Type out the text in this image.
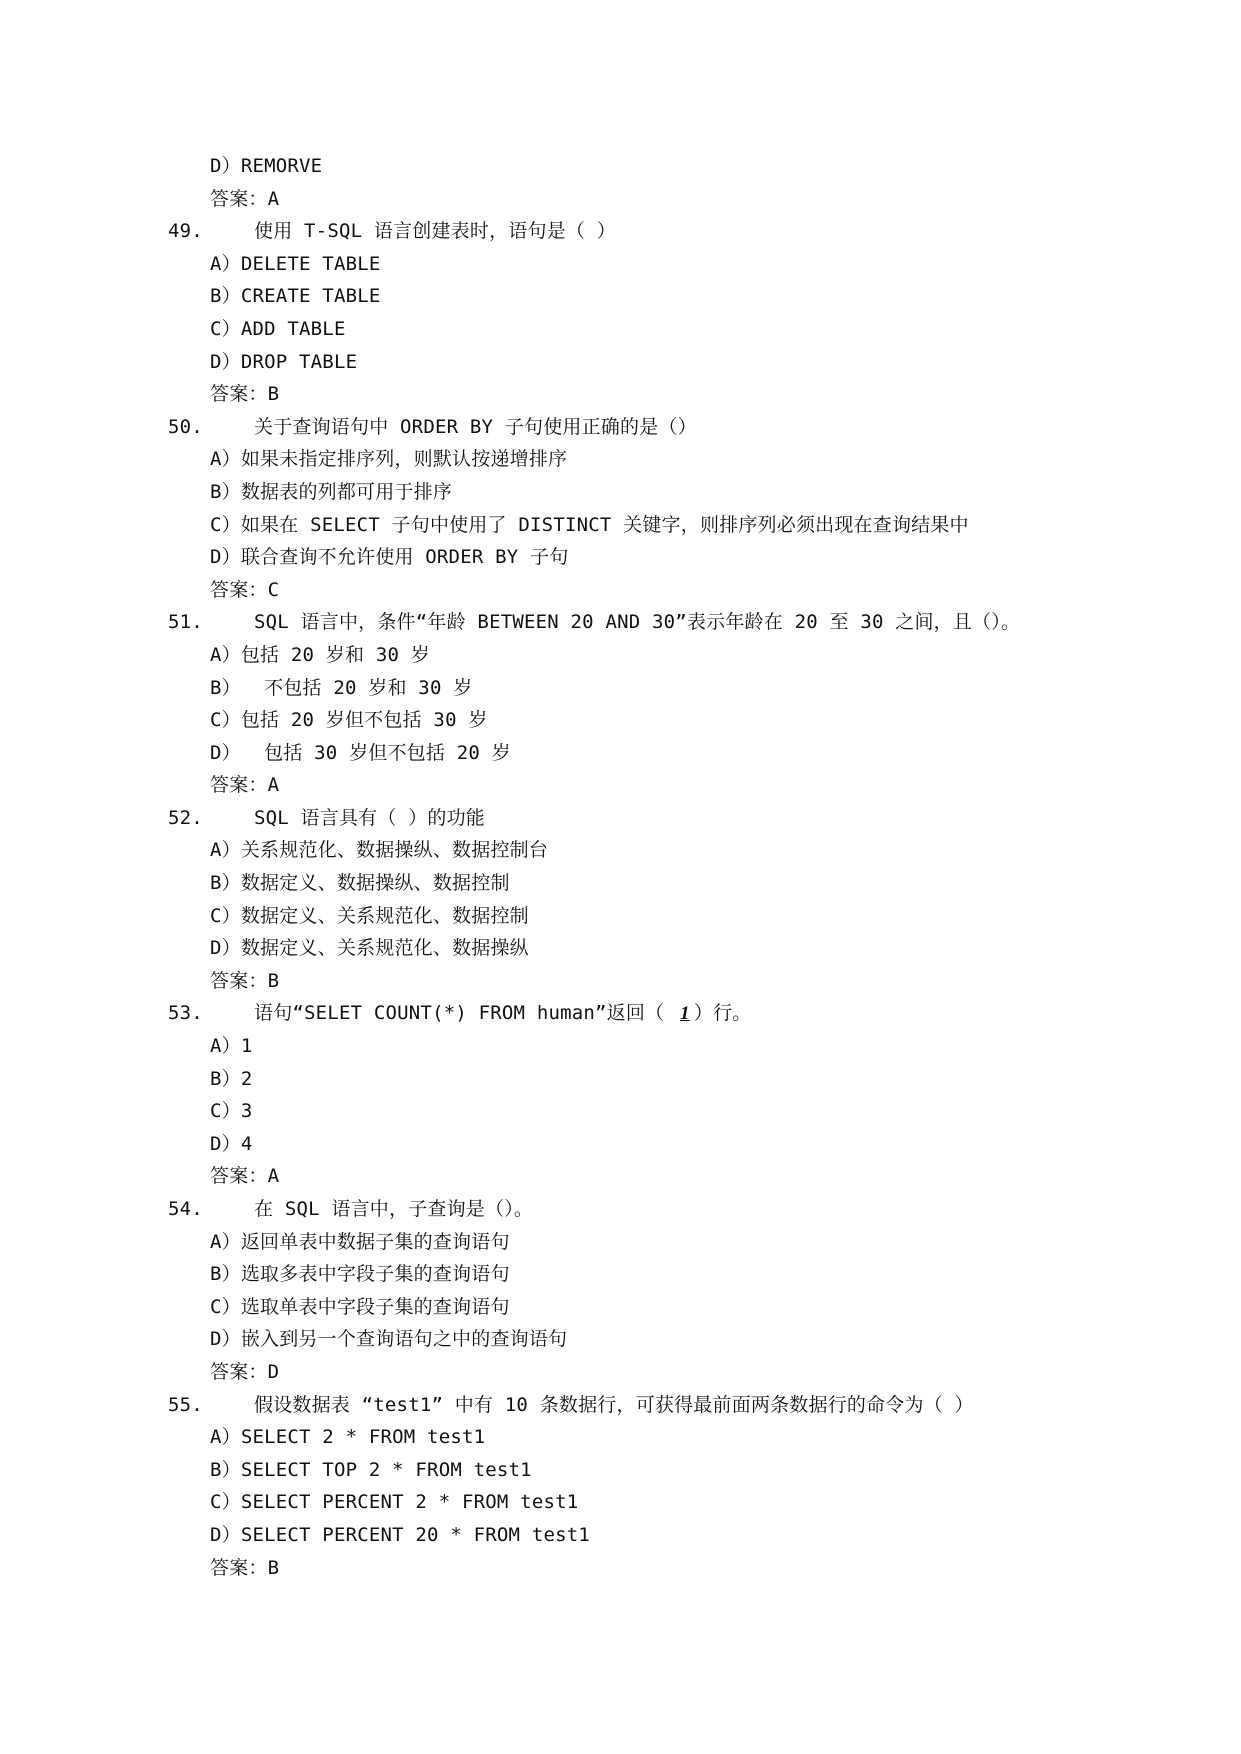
D）REMORVE
答案：A
49.	使用 T-SQL 语言创建表时，语句是（ ）
A）DELETE TABLE
B）CREATE TABLE
C）ADD TABLE
D）DROP TABLE
答案：B
50.	关于查询语句中 ORDER BY 子句使用正确的是（）
A）如果未指定排序列，则默认按递增排序
B）数据表的列都可用于排序
C）如果在 SELECT 子句中使用了 DISTINCT 关键字，则排序列必须出现在查询结果中
D）联合查询不允许使用 ORDER BY 子句
答案：C
51.	SQL 语言中，条件“年龄 BETWEEN 20 AND 30”表示年龄在 20 至 30 之间，且（）。
A）包括 20 岁和 30 岁
B）  不包括 20 岁和 30 岁
C）包括 20 岁但不包括 30 岁
D）  包括 30 岁但不包括 20 岁
答案：A
52.	SQL 语言具有（ ）的功能
A）关系规范化、数据操纵、数据控制台
B）数据定义、数据操纵、数据控制
C）数据定义、关系规范化、数据控制
D）数据定义、关系规范化、数据操纵
答案：B
53.	语句“SELET COUNT(*) FROM human”返回（ 1 ）行。
A）1
B）2
C）3
D）4
答案：A
54.	在 SQL 语言中，子查询是（）。
A）返回单表中数据子集的查询语句
B）选取多表中字段子集的查询语句
C）选取单表中字段子集的查询语句
D）嵌入到另一个查询语句之中的查询语句
答案：D
55.	假设数据表 “test1” 中有 10 条数据行，可获得最前面两条数据行的命令为（ ）
A）SELECT 2 * FROM test1
B）SELECT TOP 2 * FROM test1
C）SELECT PERCENT 2 * FROM test1
D）SELECT PERCENT 20 * FROM test1
答案：B
